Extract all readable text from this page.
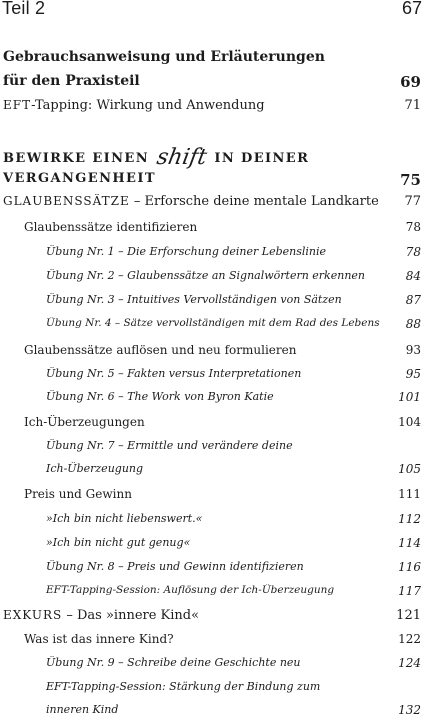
Teil 2	67
Gebrauchsanweisung und Erläuterungen
für den Praxisteil	69
EFT-Tapping: Wirkung und Anwendung	71
BEWIRKE EINEN shift IN DEINER
VERGANGENHEIT	75
GLAUBENSSÄTZE – Erforsche deine mentale Landkarte	77
Glaubenssätze identifizieren	78
Übung Nr. 1 – Die Erforschung deiner Lebenslinie	78
Übung Nr. 2 – Glaubenssätze an Signalwörtern erkennen	84
Übung Nr. 3 – Intuitives Vervollständigen von Sätzen	87
Übung Nr. 4 – Sätze vervollständigen mit dem Rad des Lebens	88
Glaubenssätze auflösen und neu formulieren	93
Übung Nr. 5 – Fakten versus Interpretationen	95
Übung Nr. 6 – The Work von Byron Katie	101
Ich-Überzeugungen	104
Übung Nr. 7 – Ermittle und verändere deine
Ich-Überzeugung	105
Preis und Gewinn	111
»Ich bin nicht liebenswert.«	112
»Ich bin nicht gut genug«	114
Übung Nr. 8 – Preis und Gewinn identifizieren	116
EFT-Tapping-Session: Auflösung der Ich-Überzeugung	117
EXKURS – Das »innere Kind«	121
Was ist das innere Kind?	122
Übung Nr. 9 – Schreibe deine Geschichte neu	124
EFT-Tapping-Session: Stärkung der Bindung zum
inneren Kind	132
